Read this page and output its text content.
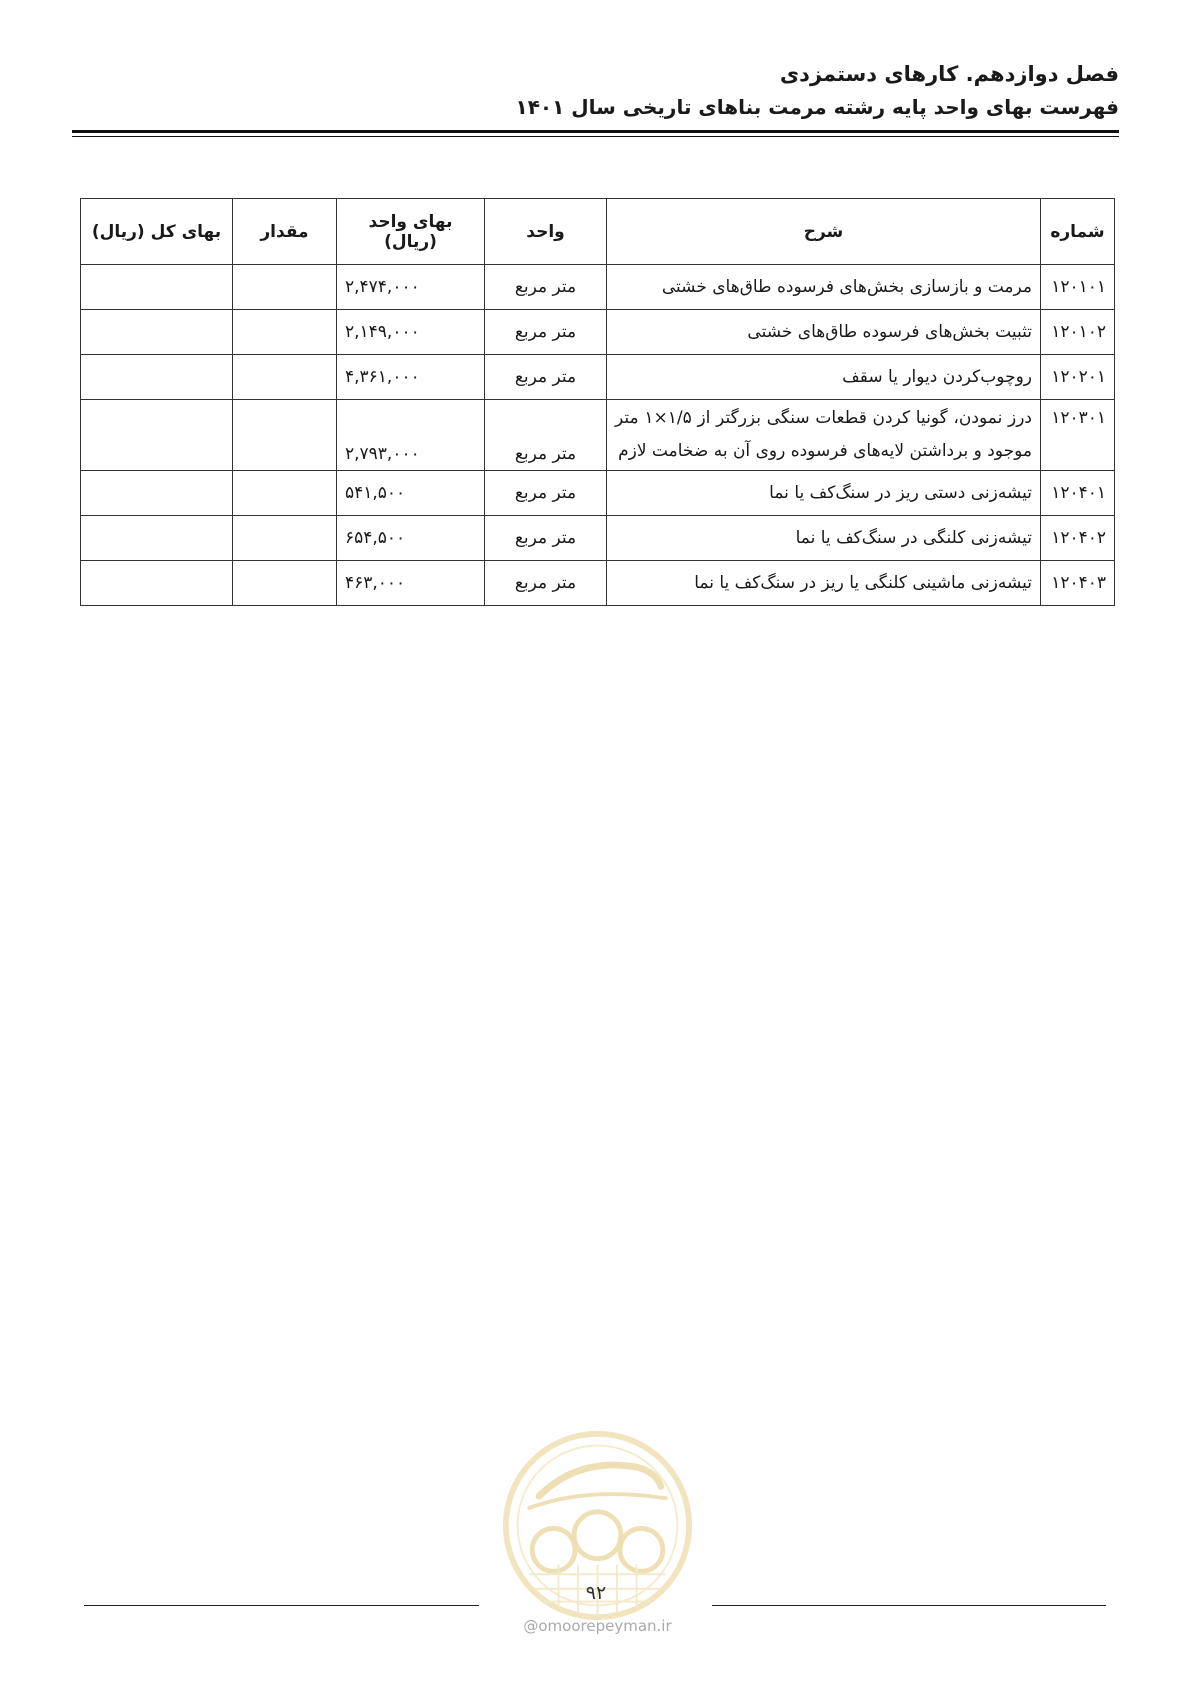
فصل دوازدهم. کارهای دستمزدی
فهرست بهای واحد پایه رشته مرمت بناهای تاریخی سال ۱۴۰۱
شماره	شرح	واحد	بهای واحد (ریال)	مقدار	بهای کل (ریال)
۱۲۰۱۰۱	مرمت و بازسازی بخش‌های فرسوده طاق‌های خشتی	متر مربع	۲,۴۷۴,۰۰۰		
۱۲۰۱۰۲	تثبیت بخش‌های فرسوده طاق‌های خشتی	متر مربع	۲,۱۴۹,۰۰۰		
۱۲۰۲۰۱	روچوب‌کردن دیوار یا سقف	متر مربع	۴,۳۶۱,۰۰۰		
۱۲۰۳۰۱	درز نمودن، گونیا کردن قطعات سنگی بزرگتر از ۱/۵×۱ متر موجود و برداشتن لایه‌های فرسوده روی آن به ضخامت لازم	متر مربع	۲,۷۹۳,۰۰۰		
۱۲۰۴۰۱	تیشه‌زنی دستی ریز در سنگ‌کف یا نما	متر مربع	۵۴۱,۵۰۰		
۱۲۰۴۰۲	تیشه‌زنی کلنگی در سنگ‌کف یا نما	متر مربع	۶۵۴,۵۰۰		
۱۲۰۴۰۳	تیشه‌زنی ماشینی کلنگی یا ریز در سنگ‌کف یا نما	متر مربع	۴۶۳,۰۰۰		
۹۲
@omoorepeyman.ir
